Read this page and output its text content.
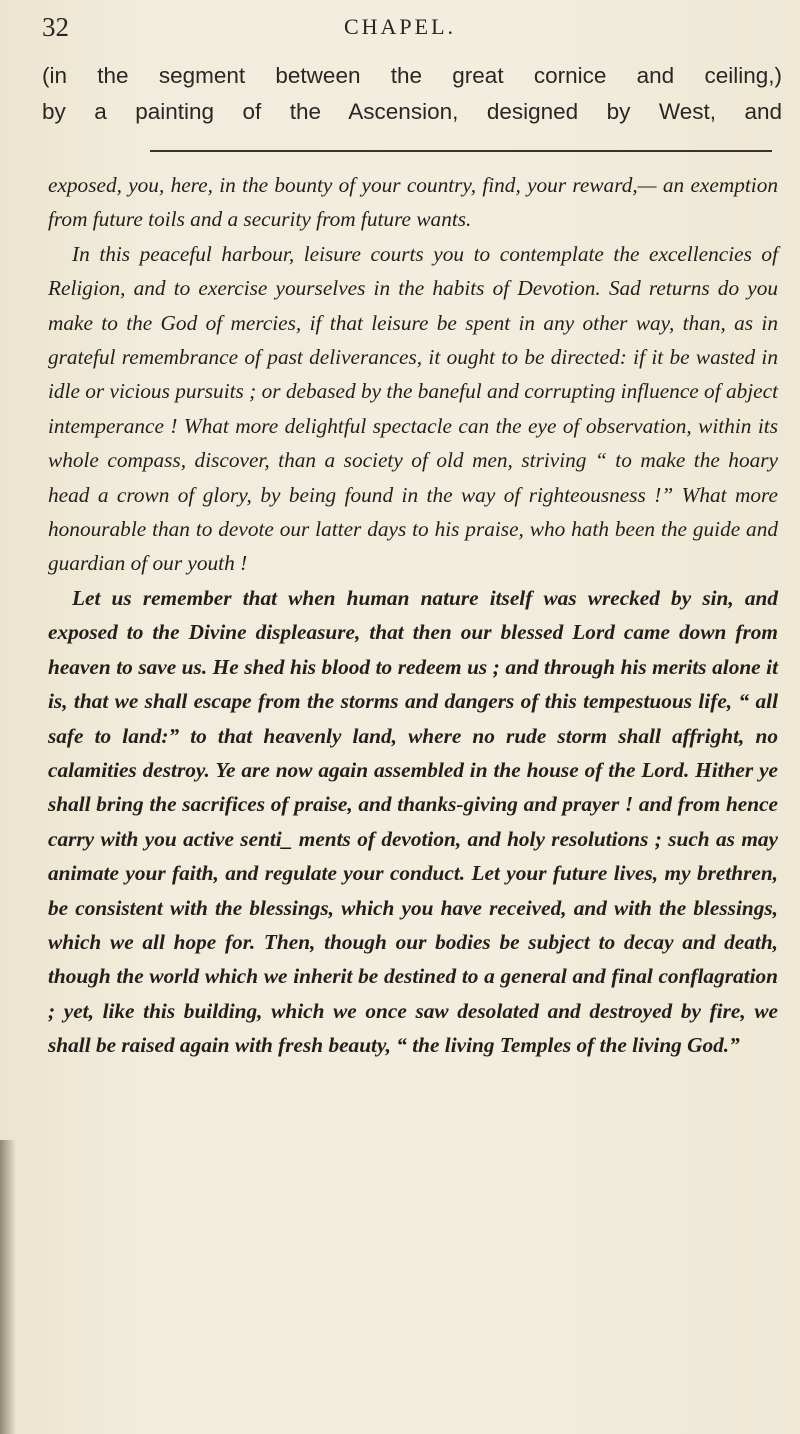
32	CHAPEL.

(in the segment between the great cornice and ceiling,)

by a painting of the Ascension, designed by West, and

exposed, you, here, in the bounty of your country, find, your reward,— an exemption from future toils and a security from future wants.

In this peaceful harbour, leisure courts you to contemplate the excellencies of Religion, and to exercise yourselves in the habits of Devotion. Sad returns do you make to the God of mercies, if that leisure be spent in any other way, than, as in grateful remembrance of past deliverances, it ought to be directed: if it be wasted in idle or vicious pursuits ; or debased by the baneful and corrupting influence of abject intemperance ! What more delightful spectacle can the eye of observation, within its whole compass, discover, than a society of old men, striving “ to make the hoary head a crown of glory, by being found in the way of righteousness !” What more honourable than to devote our latter days to his praise, who hath been the guide and guardian of our youth !

Let us remember that when human nature itself was wrecked by sin, and exposed to the Divine displeasure, that then our blessed Lord came down from heaven to save us. He shed his blood to redeem us ; and through his merits alone it is, that we shall escape from the storms and dangers of this tempestuous life, “ all safe to land:” to that heavenly land, where no rude storm shall affright, no calamities destroy. Ye are now again assembled in the house of the Lord. Hither ye shall bring the sacrifices of praise, and thanks-giving and prayer ! and from hence carry with you active senti_ ments of devotion, and holy resolutions ; such as may animate your faith, and regulate your conduct. Let your future lives, my brethren, be consistent with the blessings, which you have received, and with the blessings, which we all hope for. Then, though our bodies be subject to decay and death, though the world which we inherit be destined to a general and final conflagration ; yet, like this building, which we once saw desolated and destroyed by fire, we shall be raised again with fresh beauty, “ the living Temples of the living God.”
